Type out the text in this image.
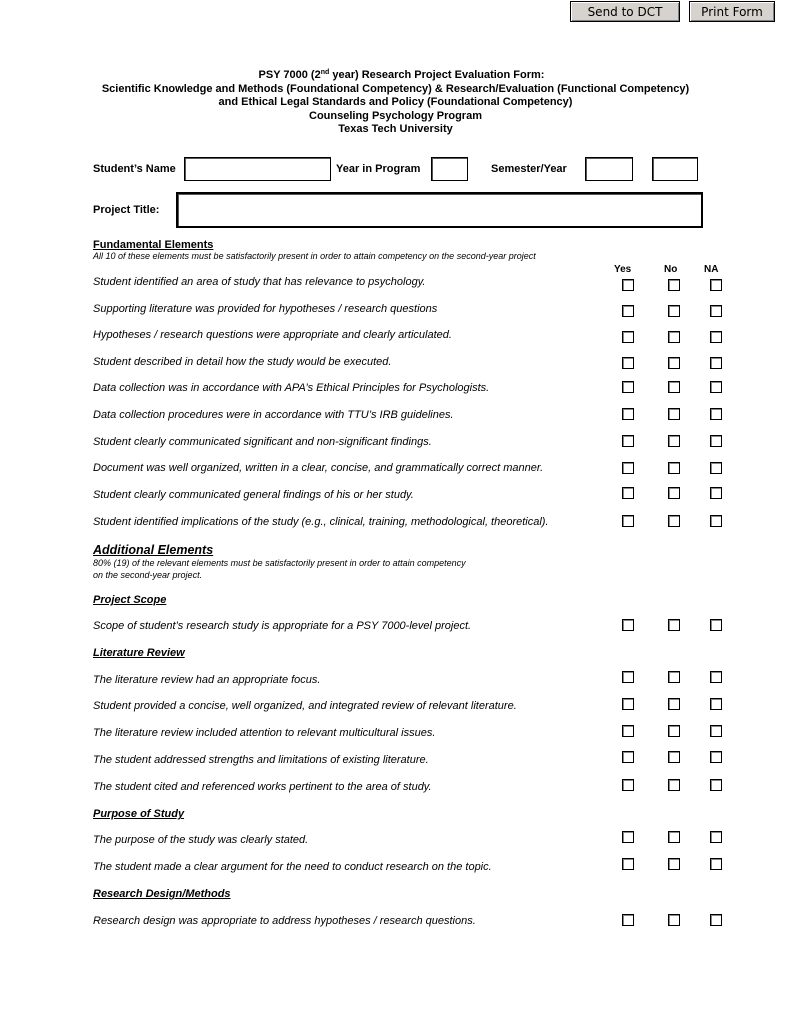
Send to DCT	Print Form
PSY 7000 (2nd year) Research Project Evaluation Form:
Scientific Knowledge and Methods (Foundational Competency) & Research/Evaluation (Functional Competency)
and Ethical Legal Standards and Policy (Foundational Competency)
Counseling Psychology Program
Texas Tech University
Student’s Name	Year in Program	Semester/Year
Project Title:
Fundamental Elements
All 10 of these elements must be satisfactorily present in order to attain competency on the second-year project
Yes	No	NA
Student identified an area of study that has relevance to psychology.
Supporting literature was provided for hypotheses / research questions
Hypotheses / research questions were appropriate and clearly articulated.
Student described in detail how the study would be executed.
Data collection was in accordance with APA’s Ethical Principles for Psychologists.
Data collection procedures were in accordance with TTU’s IRB guidelines.
Student clearly communicated significant and non-significant findings.
Document was well organized, written in a clear, concise, and grammatically correct manner.
Student clearly communicated general findings of his or her study.
Student identified implications of the study (e.g., clinical, training, methodological, theoretical).
Additional Elements
80% (19) of the relevant elements must be satisfactorily present in order to attain competency
on the second-year project.
Project Scope
Scope of student’s research study is appropriate for a PSY 7000-level project.
Literature Review
The literature review had an appropriate focus.
Student provided a concise, well organized, and integrated review of relevant literature.
The literature review included attention to relevant multicultural issues.
The student addressed strengths and limitations of existing literature.
The student cited and referenced works pertinent to the area of study.
Purpose of Study
The purpose of the study was clearly stated.
The student made a clear argument for the need to conduct research on the topic.
Research Design/Methods
Research design was appropriate to address hypotheses / research questions.
